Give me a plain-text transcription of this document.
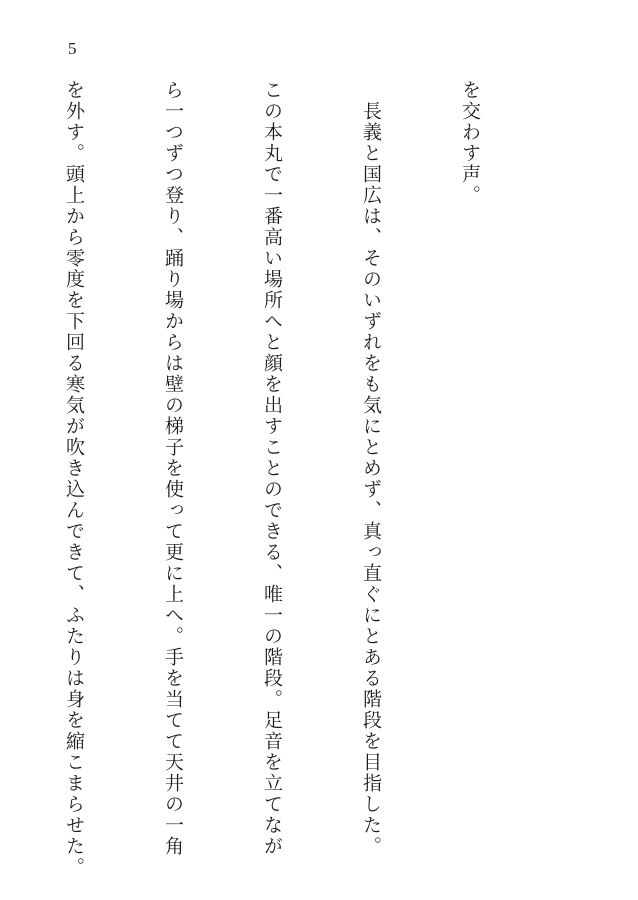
5

を交わす声。

　長義と国広は、そのいずれをも気にとめず、真っ直ぐにとある階段を目指した。

この本丸で一番高い場所へと顔を出すことのできる、唯一の階段。足音を立てなが

ら一つずつ登り、踊り場からは壁の梯子を使って更に上へ。手を当てて天井の一角

を外す。頭上から零度を下回る寒気が吹き込んできて、ふたりは身を縮こまらせた。
